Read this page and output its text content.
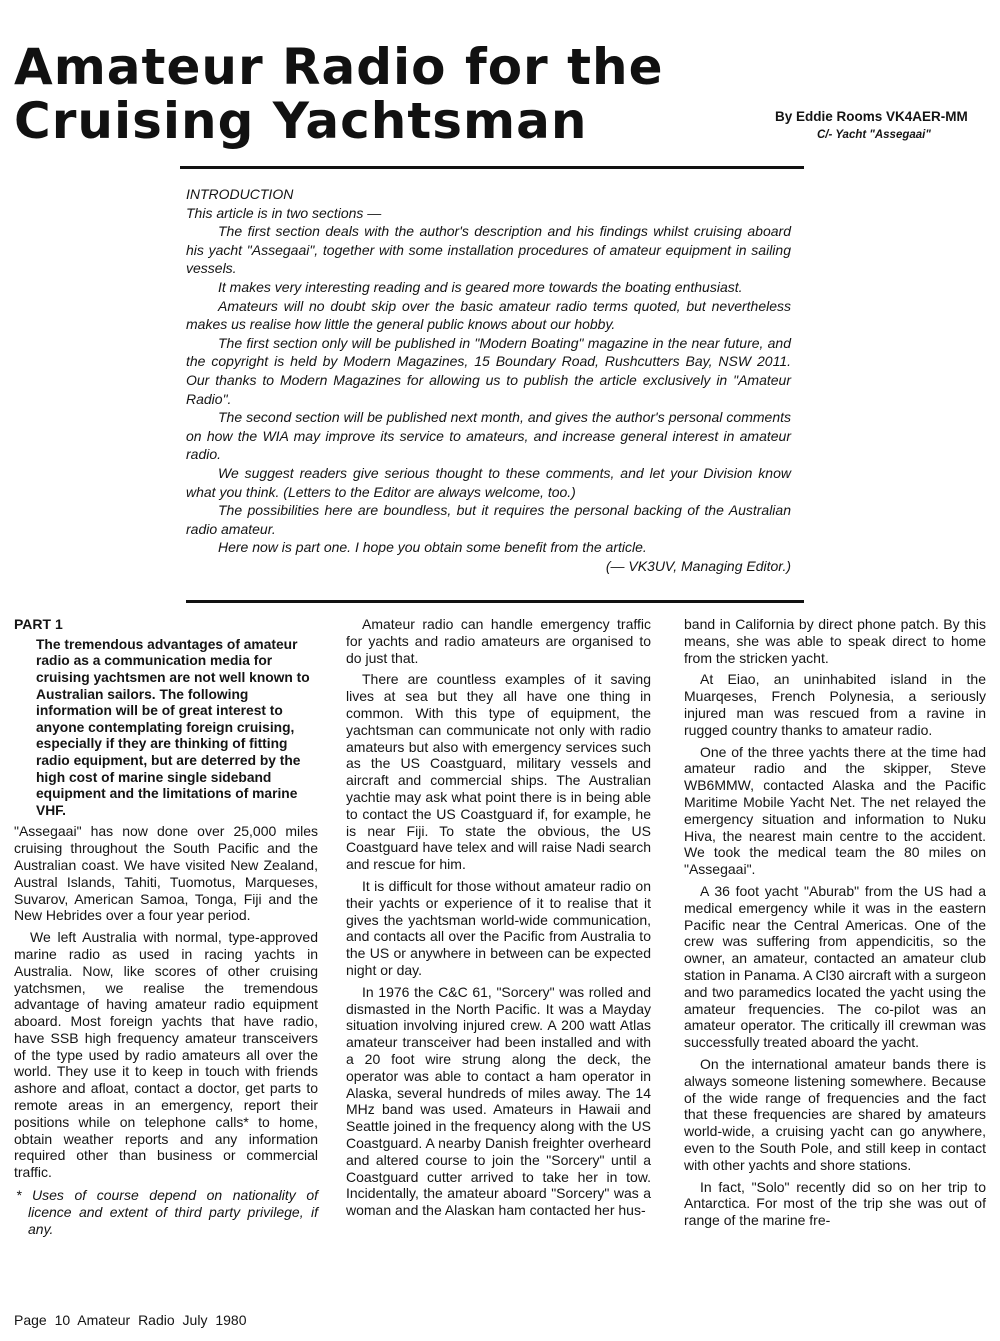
Amateur Radio for the
Cruising Yachtsman	By Eddie Rooms VK4AER-MM
C/- Yacht "Assegaai"

INTRODUCTION

This article is in two sections —

The first section deals with the author's description and his findings whilst cruising aboard his yacht "Assegaai", together with some installation procedures of amateur equipment in sailing vessels.

It makes very interesting reading and is geared more towards the boating enthusiast.

Amateurs will no doubt skip over the basic amateur radio terms quoted, but nevertheless makes us realise how little the general public knows about our hobby.

The first section only will be published in "Modern Boating" magazine in the near future, and the copyright is held by Modern Magazines, 15 Boundary Road, Rushcutters Bay, NSW 2011. Our thanks to Modern Magazines for allowing us to publish the article exclusively in "Amateur Radio".

The second section will be published next month, and gives the author's personal comments on how the WIA may improve its service to amateurs, and increase general interest in amateur radio.

We suggest readers give serious thought to these comments, and let your Division know what you think. (Letters to the Editor are always welcome, too.)

The possibilities here are boundless, but it requires the personal backing of the Australian radio amateur.

Here now is part one. I hope you obtain some benefit from the article.

(— VK3UV, Managing Editor.)

PART 1

The tremendous advantages of amateur radio as a communication media for cruising yachtsmen are not well known to Australian sailors. The following information will be of great interest to anyone contemplating foreign cruising, especially if they are thinking of fitting radio equipment, but are deterred by the high cost of marine single sideband equipment and the limitations of marine VHF.

"Assegaai" has now done over 25,000 miles cruising throughout the South Pacific and the Australian coast. We have visited New Zealand, Austral Islands, Tahiti, Tuomotus, Marqueses, Suvarov, American Samoa, Tonga, Fiji and the New Hebrides over a four year period.

We left Australia with normal, type-approved marine radio as used in racing yachts in Australia. Now, like scores of other cruising yatchsmen, we realise the tremendous advantage of having amateur radio equipment aboard. Most foreign yachts that have radio, have SSB high frequency amateur transceivers of the type used by radio amateurs all over the world. They use it to keep in touch with friends ashore and afloat, contact a doctor, get parts to remote areas in an emergency, report their positions while on telephone calls* to home, obtain weather reports and any information required other than business or commercial traffic.

* Uses of course depend on nationality of licence and extent of third party privilege, if any.

Amateur radio can handle emergency traffic for yachts and radio amateurs are organised to do just that.

There are countless examples of it saving lives at sea but they all have one thing in common. With this type of equipment, the yachtsman can communicate not only with radio amateurs but also with emergency services such as the US Coastguard, military vessels and aircraft and commercial ships. The Australian yachtie may ask what point there is in being able to contact the US Coastguard if, for example, he is near Fiji. To state the obvious, the US Coastguard have telex and will raise Nadi search and rescue for him.

It is difficult for those without amateur radio on their yachts or experience of it to realise that it gives the yachtsman world-wide communication, and contacts all over the Pacific from Australia to the US or anywhere in between can be expected night or day.

In 1976 the C&C 61, "Sorcery" was rolled and dismasted in the North Pacific. It was a Mayday situation involving injured crew. A 200 watt Atlas amateur transceiver had been installed and with a 20 foot wire strung along the deck, the operator was able to contact a ham operator in Alaska, several hundreds of miles away. The 14 MHz band was used. Amateurs in Hawaii and Seattle joined in the frequency along with the US Coastguard. A nearby Danish freighter overheard and altered course to join the "Sorcery" until a Coastguard cutter arrived to take her in tow. Incidentally, the amateur aboard "Sorcery" was a woman and the Alaskan ham contacted her hus-

band in California by direct phone patch. By this means, she was able to speak direct to home from the stricken yacht.

At Eiao, an uninhabited island in the Muarqeses, French Polynesia, a seriously injured man was rescued from a ravine in rugged country thanks to amateur radio.

One of the three yachts there at the time had amateur radio and the skipper, Steve WB6MMW, contacted Alaska and the Pacific Maritime Mobile Yacht Net. The net relayed the emergency situation and information to Nuku Hiva, the nearest main centre to the accident. We took the medical team the 80 miles on "Assegaai".

A 36 foot yacht "Aburab" from the US had a medical emergency while it was in the eastern Pacific near the Central Americas. One of the crew was suffering from appendicitis, so the owner, an amateur, contacted an amateur club station in Panama. A Cl30 aircraft with a surgeon and two paramedics located the yacht using the amateur frequencies. The co-pilot was an amateur operator. The critically ill crewman was successfully treated aboard the yacht.

On the international amateur bands there is always someone listening somewhere. Because of the wide range of frequencies and the fact that these frequencies are shared by amateurs world-wide, a cruising yacht can go anywhere, even to the South Pole, and still keep in contact with other yachts and shore stations.

In fact, "Solo" recently did so on her trip to Antarctica. For most of the trip she was out of range of the marine fre-

Page 10 Amateur Radio July 1980
